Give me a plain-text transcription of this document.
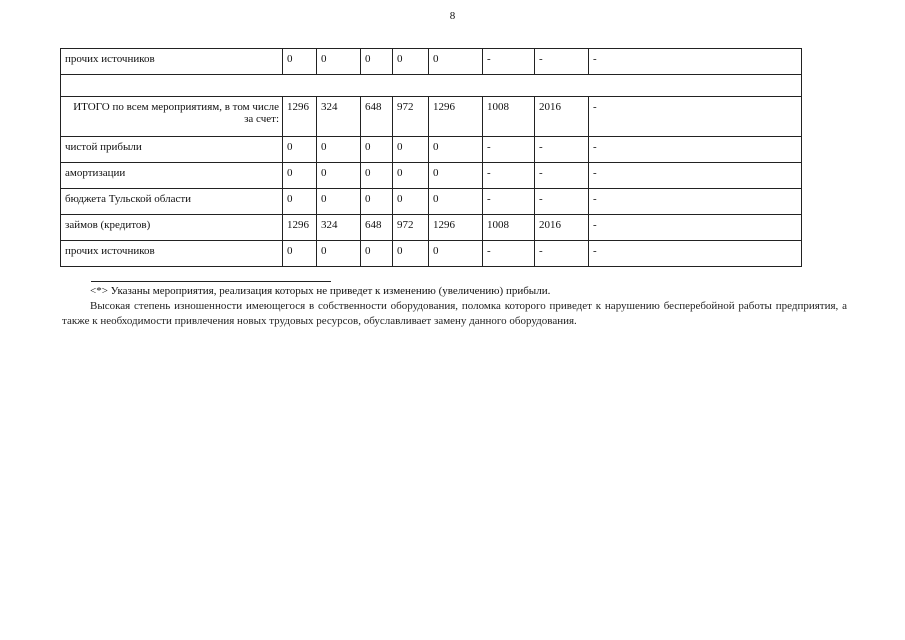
8
прочих источников	0	0	0	0	0	-	-	-

ИТОГО по всем мероприятиям, в том числе за счет:	1296	324	648	972	1296	1008	2016	-
чистой прибыли	0	0	0	0	0	-	-	-
амортизации	0	0	0	0	0	-	-	-
бюджета Тульской области	0	0	0	0	0	-	-	-
займов (кредитов)	1296	324	648	972	1296	1008	2016	-
прочих источников	0	0	0	0	0	-	-	-
<*> Указаны мероприятия, реализация которых не приведет к изменению (увеличению) прибыли.
Высокая степень изношенности имеющегося в собственности оборудования, поломка которого приведет к нарушению бесперебойной работы предприятия, а также к необходимости привлечения новых трудовых ресурсов, обуславливает замену данного оборудования.
